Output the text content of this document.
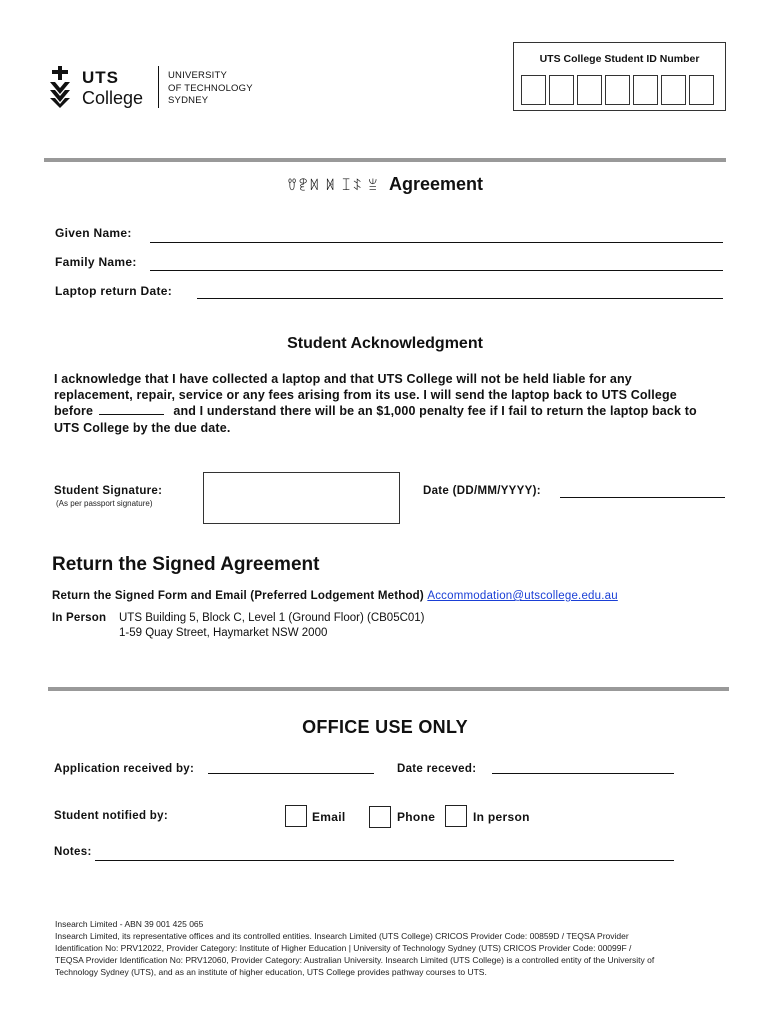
UTS
College
UNIVERSITY
OF TECHNOLOGY
SYDNEY
UTS College Student ID Number
ꀎꀏ꒿ ꁒ ꀤꁵ ꁈ Agreement
Given Name:
Family Name:
Laptop return Date:
Student Acknowledgment
I acknowledge that I have collected a laptop and that UTS College will not be held liable for any replacement, repair, service or any fees arising from its use. I will send the laptop back to UTS College before	and I understand there will be an $1,000 penalty fee if I fail to return the laptop back to UTS College by the due date.
Student Signature:
(As per passport signature)
Date (DD/MM/YYYY):
Return the Signed Agreement
Return the Signed Form and Email (Preferred Lodgement Method) Accommodation@utscollege.edu.au
In Person UTS Building 5, Block C, Level 1 (Ground Floor) (CB05C01)
1-59 Quay Street, Haymarket NSW 2000
OFFICE USE ONLY
Application received by:	Date receved:
Student notified by:	Email	Phone	In person
Notes:
Insearch Limited - ABN 39 001 425 065
Insearch Limited, its representative offices and its controlled entities. Insearch Limited (UTS College) CRICOS Provider Code: 00859D / TEQSA Provider Identification No: PRV12022, Provider Category: Institute of Higher Education | University of Technology Sydney (UTS) CRICOS Provider Code: 00099F / TEQSA Provider Identification No: PRV12060, Provider Category: Australian University. Insearch Limited (UTS College) is a controlled entity of the University of Technology Sydney (UTS), and as an institute of higher education, UTS College provides pathway courses to UTS.
